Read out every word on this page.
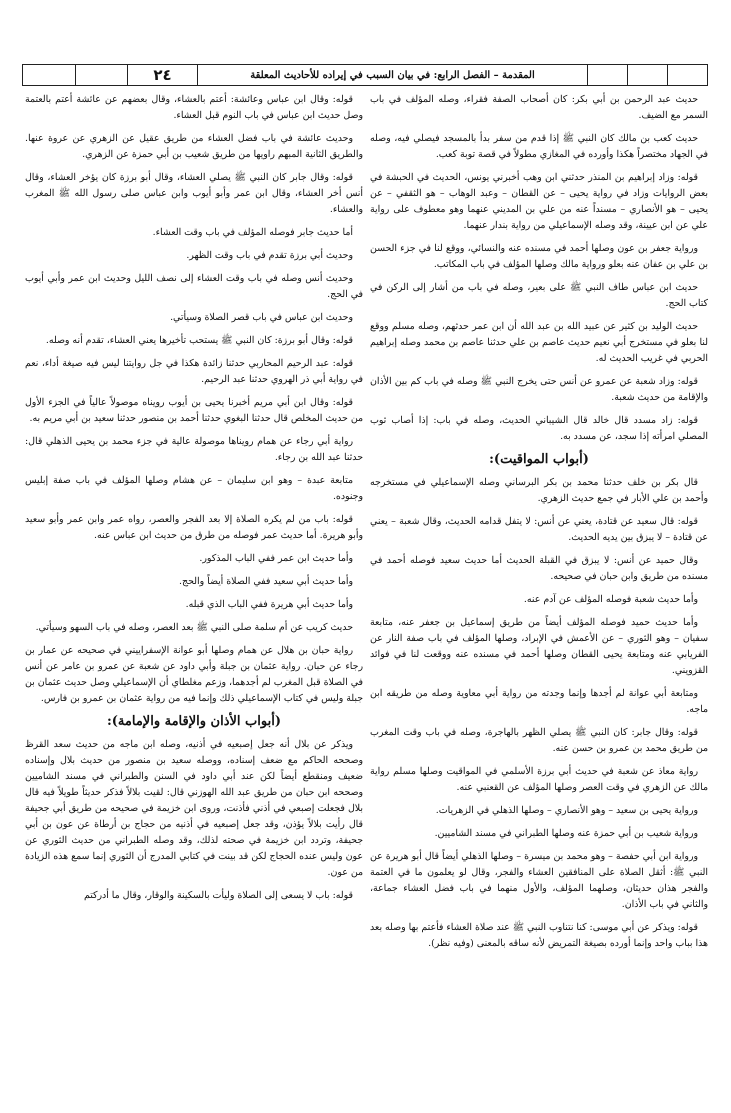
٢٤	المقدمة – الفصل الرابع: في بيان السبب في إيراده للأحاديث المعلقة

حديث عبد الرحمن بن أبي بكر: كان أصحاب الصفة فقراء، وصله المؤلف في باب السمر مع الضيف.

حديث كعب بن مالك كان النبي ﷺ إذا قدم من سفر بدأ بالمسجد فيصلي فيه، وصله في الجهاد مختصراً هكذا وأورده في المغازي مطولاً في قصة توبة كعب.

قوله: وزاد إبراهيم بن المنذر حدثني ابن وهب أخبرني يونس، الحديث في الحبشة في بعض الروايات وزاد في رواية يحيى – عن القطان – وعبد الوهاب – هو الثقفي – عن يحيى – هو الأنصاري – مسنداً عنه من علي بن المديني عنهما وهو معطوف على رواية علي عن ابن عيينة، وقد وصله الإسماعيلي من رواية بندار عنهما.

ورواية جعفر بن عون وصلها أحمد في مسنده عنه والنسائي، ووقع لنا في جزء الحسن بن علي بن عفان عنه بعلو ورواية مالك وصلها المؤلف في باب المكاتب.

حديث ابن عباس طاف النبي ﷺ على بعير، وصله في باب من أشار إلى الركن في كتاب الحج.

حديث الوليد بن كثير عن عبيد الله بن عبد الله أن ابن عمر حدثهم، وصله مسلم ووقع لنا بعلو في مستخرج أبي نعيم حديث عاصم بن علي حدثنا عاصم بن محمد وصله إبراهيم الحربي في غريب الحديث له.

قوله: وزاد شعبة عن عمرو عن أنس حتى يخرج النبي ﷺ وصله في باب كم بين الأذان والإقامة من حديث شعبة.

قوله: زاد مسدد قال خالد قال الشيباني الحديث، وصله في باب: إذا أصاب ثوب المصلي امرأته إذا سجد، عن مسدد به.

(أبواب المواقيت):

قال بكر بن خلف حدثنا محمد بن بكر البرساني وصله الإسماعيلي في مستخرجه وأحمد بن علي الأبار في جمع حديث الزهري.

قوله: قال سعيد عن قتادة، يعني عن أنس: لا يتفل قدامه الحديث، وقال شعبة – يعني عن قتادة – لا يبزق بين يديه الحديث.

وقال حميد عن أنس: لا يبزق في القبلة الحديث أما حديث سعيد فوصله أحمد في مسنده من طريق وابن حبان في صحيحه.

وأما حديث شعبة فوصله المؤلف عن آدم عنه.

وأما حديث حميد فوصله المؤلف أيضاً من طريق إسماعيل بن جعفر عنه، متابعة سفيان – وهو الثوري – عن الأعمش في الإبراد، وصلها المؤلف في باب صفة النار عن الفريابي عنه ومتابعة يحيى القطان وصلها أحمد في مسنده عنه ووقعت لنا في فوائد القزويني.

ومتابعة أبي عوانة لم أجدها وإنما وجدته من رواية أبي معاوية وصله من طريقه ابن ماجه.

قوله: وقال جابر: كان النبي ﷺ يصلي الظهر بالهاجرة، وصله في باب وقت المغرب من طريق محمد بن عمرو بن حسن عنه.

رواية معاذ عن شعبة في حديث أبي برزة الأسلمي في المواقيت وصلها مسلم رواية مالك عن الزهري في وقت العصر وصلها المؤلف عن القعنبي عنه.

ورواية يحيى بن سعيد – وهو الأنصاري – وصلها الذهلي في الزهريات.

ورواية شعيب بن أبي حمزة عنه وصلها الطبراني في مسند الشاميين.

ورواية ابن أبي حفصة – وهو محمد بن ميسرة – وصلها الذهلي أيضاً قال أبو هريرة عن النبي ﷺ: أثقل الصلاة على المنافقين العشاء والفجر، وقال لو يعلمون ما في العتمة والفجر هذان حديثان، وصلهما المؤلف، والأول منهما في باب فضل العشاء جماعة، والثاني في باب الأذان.

قوله: ويذكر عن أبي موسى: كنا نتناوب النبي ﷺ عند صلاة العشاء فأعتم بها وصله بعد هذا بباب واحد وإنما أورده بصيغة التمريض لأنه ساقه بالمعنى (وفيه نظر).

قوله: وقال ابن عباس وعائشة: أعتم بالعشاء، وقال بعضهم عن عائشة أعتم بالعتمة وصل حديث ابن عباس في باب النوم قبل العشاء.

وحديث عائشة في باب فضل العشاء من طريق عقيل عن الزهري عن عروة عنها. والطريق الثانية المبهم راويها من طريق شعيب بن أبي حمزة عن الزهري.

قوله: وقال جابر كان النبي ﷺ يصلي العشاء، وقال أبو برزة كان يؤخر العشاء، وقال أنس أخر العشاء، وقال ابن عمر وأبو أيوب وابن عباس صلى رسول الله ﷺ المغرب والعشاء.

أما حديث جابر فوصله المؤلف في باب وقت العشاء.

وحديث أبي برزة تقدم في باب وقت الظهر.

وحديث أنس وصله في باب وقت العشاء إلى نصف الليل وحديث ابن عمر وأبي أيوب في الحج.

وحديث ابن عباس في باب قصر الصلاة وسيأتي.

قوله: وقال أبو برزة: كان النبي ﷺ يستحب تأخيرها يعني العشاء، تقدم أنه وصله.

قوله: عبد الرحيم المحاربي حدثنا زائدة هكذا في جل روايتنا ليس فيه صيغة أداء، نعم في رواية أبي ذر الهروي حدثنا عبد الرحيم.

قوله: وقال ابن أبي مريم أخبرنا يحيى بن أيوب رويناه موصولاً عالياً في الجزء الأول من حديث المخلص قال حدثنا البغوي حدثنا أحمد بن منصور حدثنا سعيد بن أبي مريم به.

رواية أبي رجاء عن همام رويناها موصولة عالية في جزء محمد بن يحيى الذهلي قال: حدثنا عبد الله بن رجاء.

متابعة عبدة – وهو ابن سليمان – عن هشام وصلها المؤلف في باب صفة إبليس وجنوده.

قوله: باب من لم يكره الصلاة إلا بعد الفجر والعصر، رواه عمر وابن عمر وأبو سعيد وأبو هريرة. أما حديث عمر فوصله من طرق من حديث ابن عباس عنه.

وأما حديث ابن عمر ففي الباب المذكور.

وأما حديث أبي سعيد ففي الصلاة أيضاً والحج.

وأما حديث أبي هريرة ففي الباب الذي قبله.

حديث كريب عن أم سلمة صلى النبي ﷺ بعد العصر، وصله في باب السهو وسيأتي.

رواية حبان بن هلال عن همام وصلها أبو عوانة الإسفراييني في صحيحه عن عمار بن رجاء عن حبان. رواية عثمان بن جبلة وأبي داود عن شعبة عن عمرو بن عامر عن أنس في الصلاة قبل المغرب لم أجدهما، وزعم مغلطاي أن الإسماعيلي وصل حديث عثمان بن جبلة وليس في كتاب الإسماعيلي ذلك وإنما فيه من رواية عثمان بن عمرو بن فارس.

(أبواب الأذان والإقامة والإمامة):

ويذكر عن بلال أنه جعل إصبعيه في أذنيه، وصله ابن ماجه من حديث سعد القرظ وصححه الحاكم مع ضعف إسناده، ووصله سعيد بن منصور من حديث بلال وإسناده ضعيف ومنقطع أيضاً لكن عند أبي داود في السنن والطبراني في مسند الشاميين وصححه ابن حبان من طريق عبد الله الهوزني قال: لقيت بلالاً فذكر حديثاً طويلاً فيه قال بلال فجعلت إصبعي في أذني فأذنت، وروى ابن خزيمة في صحيحه من طريق أبي جحيفة قال رأيت بلالاً يؤذن، وقد جعل إصبعيه في أذنيه من حجاج بن أرطاة عن عون بن أبي جحيفة، وتردد ابن خزيمة في صحته لذلك، وقد وصله الطبراني من حديث الثوري عن عون وليس عنده الحجاج لكن قد بينت في كتابي المدرج أن الثوري إنما سمع هذه الزيادة من عون.

قوله: باب لا يسعى إلى الصلاة وليأت بالسكينة والوقار، وقال ما أدركتم
